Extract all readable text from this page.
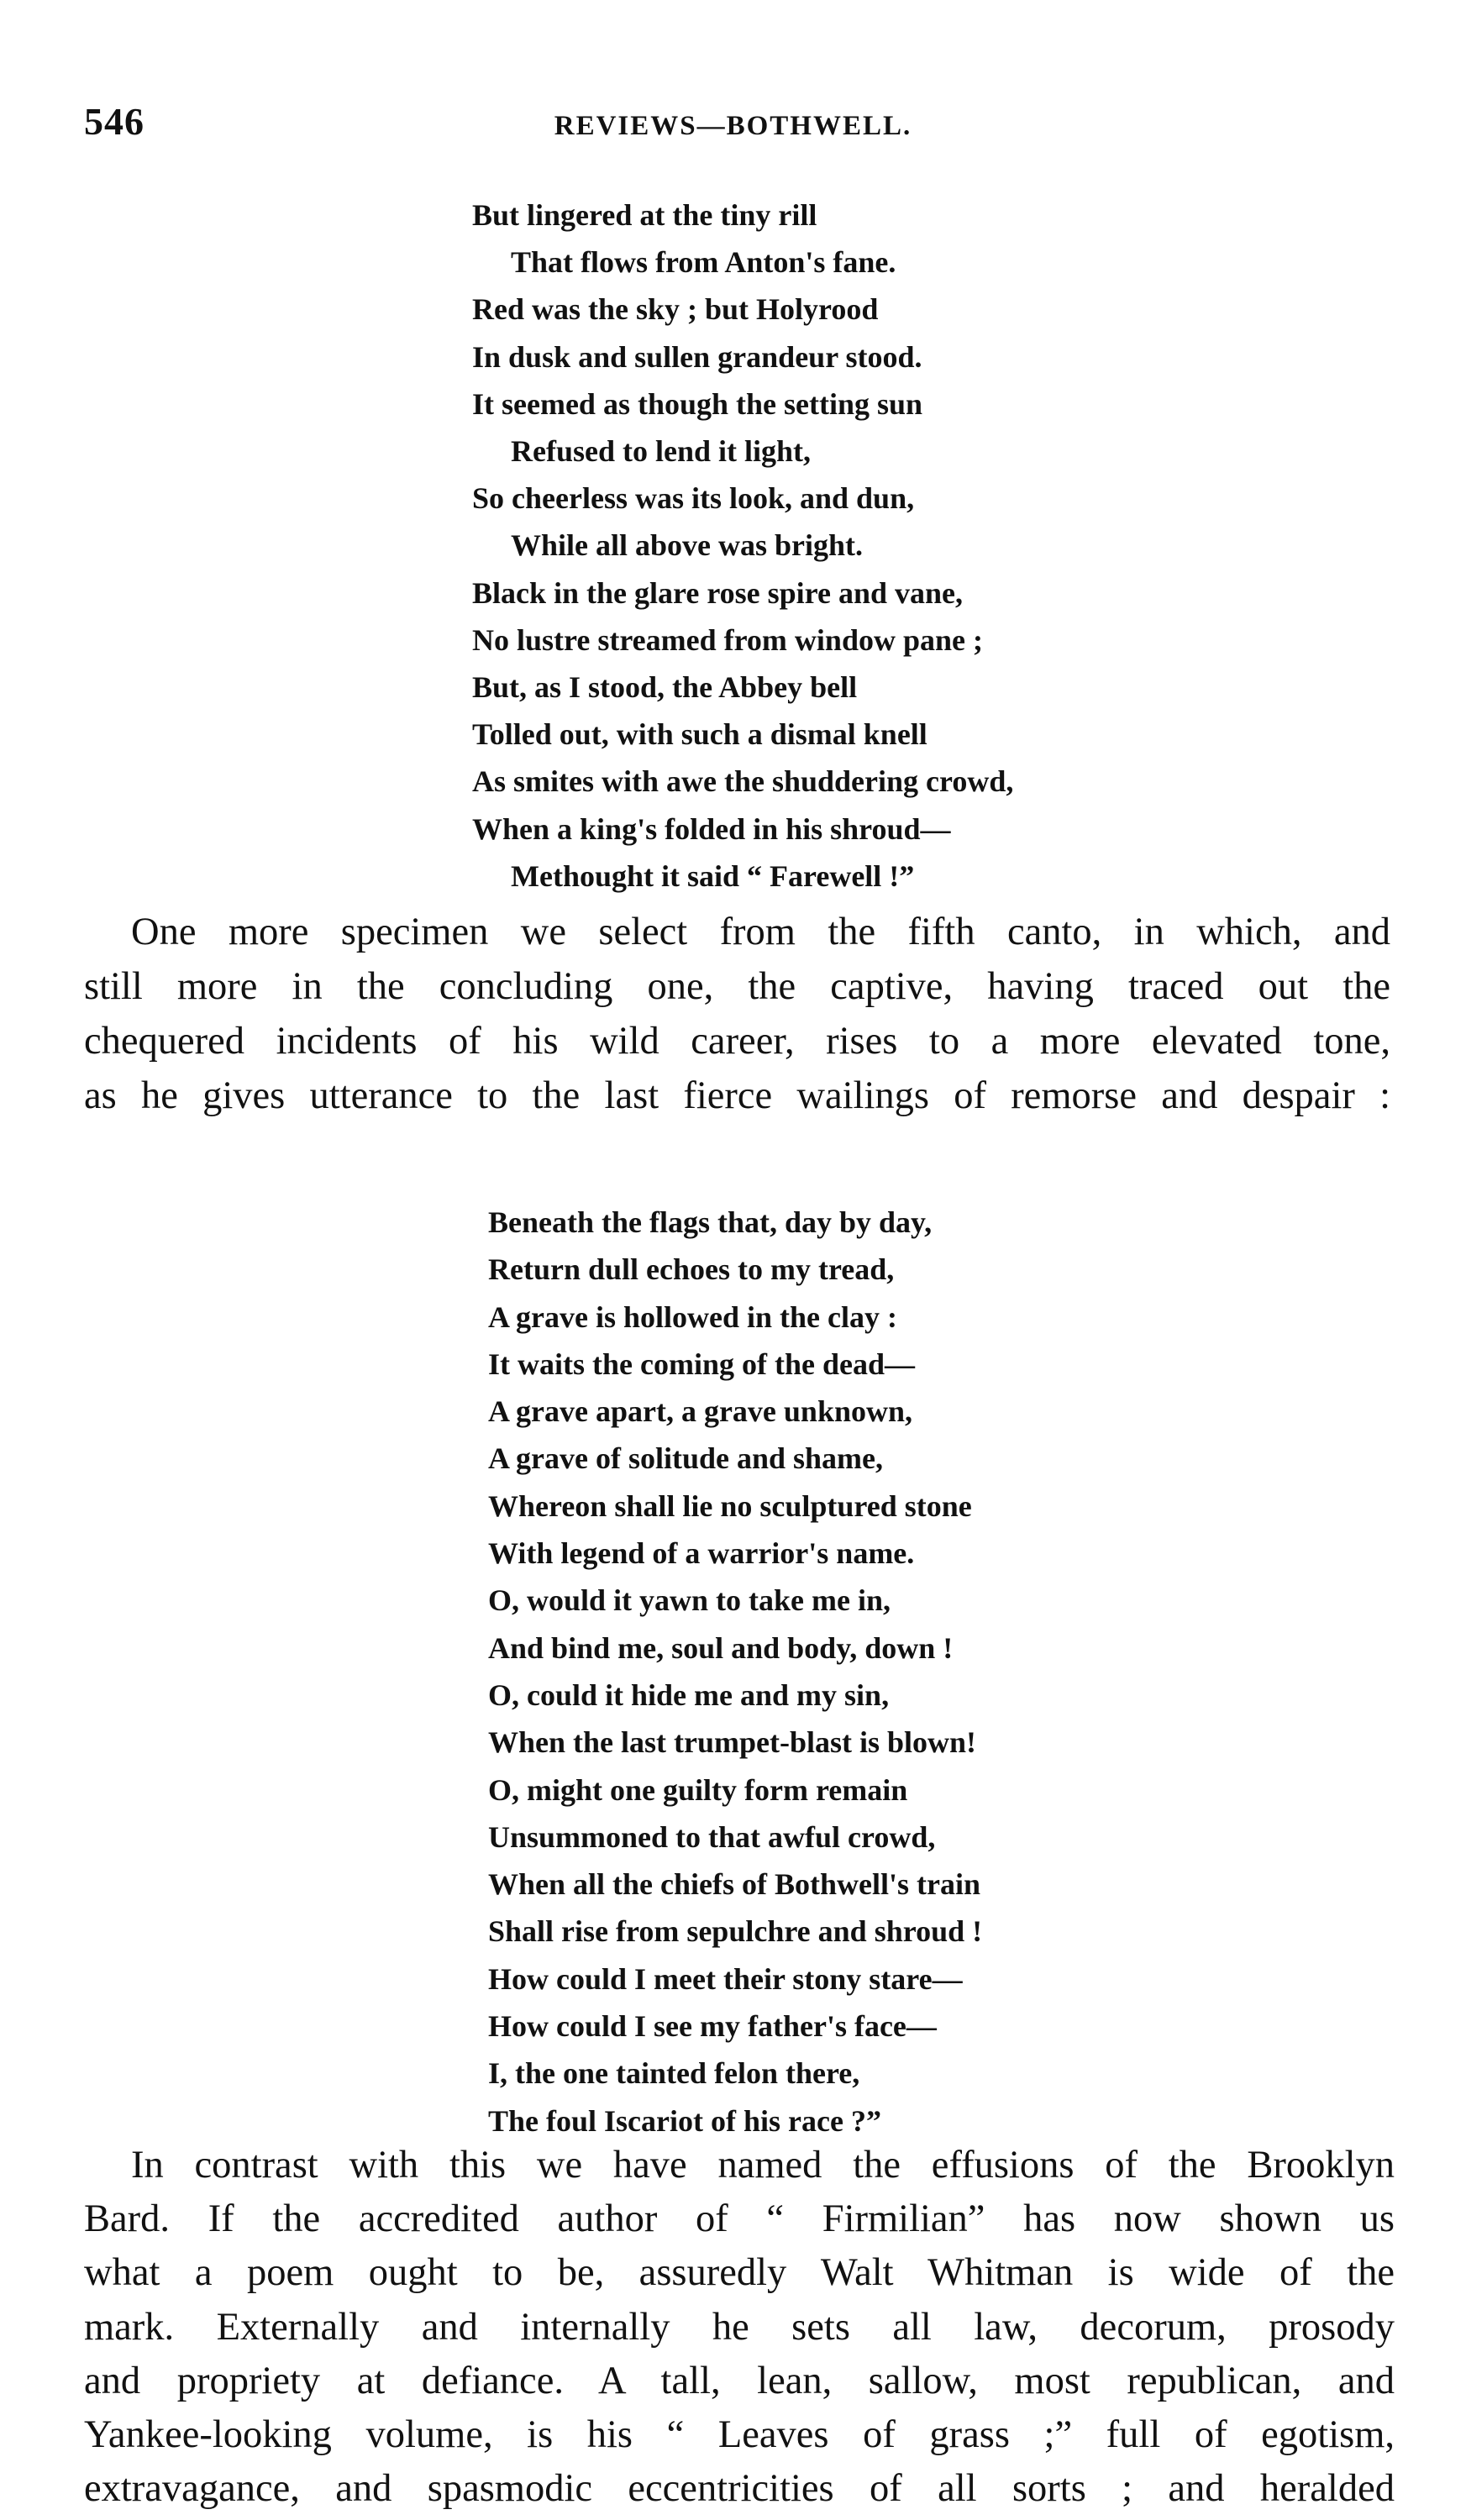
546	REVIEWS—BOTHWELL.
But lingered at the tiny rill
That flows from Anton's fane.
Red was the sky ; but Holyrood
In dusk and sullen grandeur stood.
It seemed as though the setting sun
Refused to lend it light,
So cheerless was its look, and dun,
While all above was bright.
Black in the glare rose spire and vane,
No lustre streamed from window pane ;
But, as I stood, the Abbey bell
Tolled out, with such a dismal knell
As smites with awe the shuddering crowd,
When a king's folded in his shroud—
Methought it said “ Farewell !”

One more specimen we select from the fifth canto, in which, and
still more in the concluding one, the captive, having traced out the
chequered incidents of his wild career, rises to a more elevated tone,
as he gives utterance to the last fierce wailings of remorse and despair :

Beneath the flags that, day by day,
Return dull echoes to my tread,
A grave is hollowed in the clay :
It waits the coming of the dead—
A grave apart, a grave unknown,
A grave of solitude and shame,
Whereon shall lie no sculptured stone
With legend of a warrior's name.
O, would it yawn to take me in,
And bind me, soul and body, down !
O, could it hide me and my sin,
When the last trumpet-blast is blown!
O, might one guilty form remain
Unsummoned to that awful crowd,
When all the chiefs of Bothwell's train
Shall rise from sepulchre and shroud !
How could I meet their stony stare—
How could I see my father's face—
I, the one tainted felon there,
The foul Iscariot of his race ?”

In contrast with this we have named the effusions of the Brooklyn
Bard. If the accredited author of “ Firmilian” has now shown us
what a poem ought to be, assuredly Walt Whitman is wide of the
mark. Externally and internally he sets all law, decorum, prosody
and propriety at defiance. A tall, lean, sallow, most republican, and
Yankee-looking volume, is his “ Leaves of grass ;” full of egotism,
extravagance, and spasmodic eccentricities of all sorts ; and heralded
